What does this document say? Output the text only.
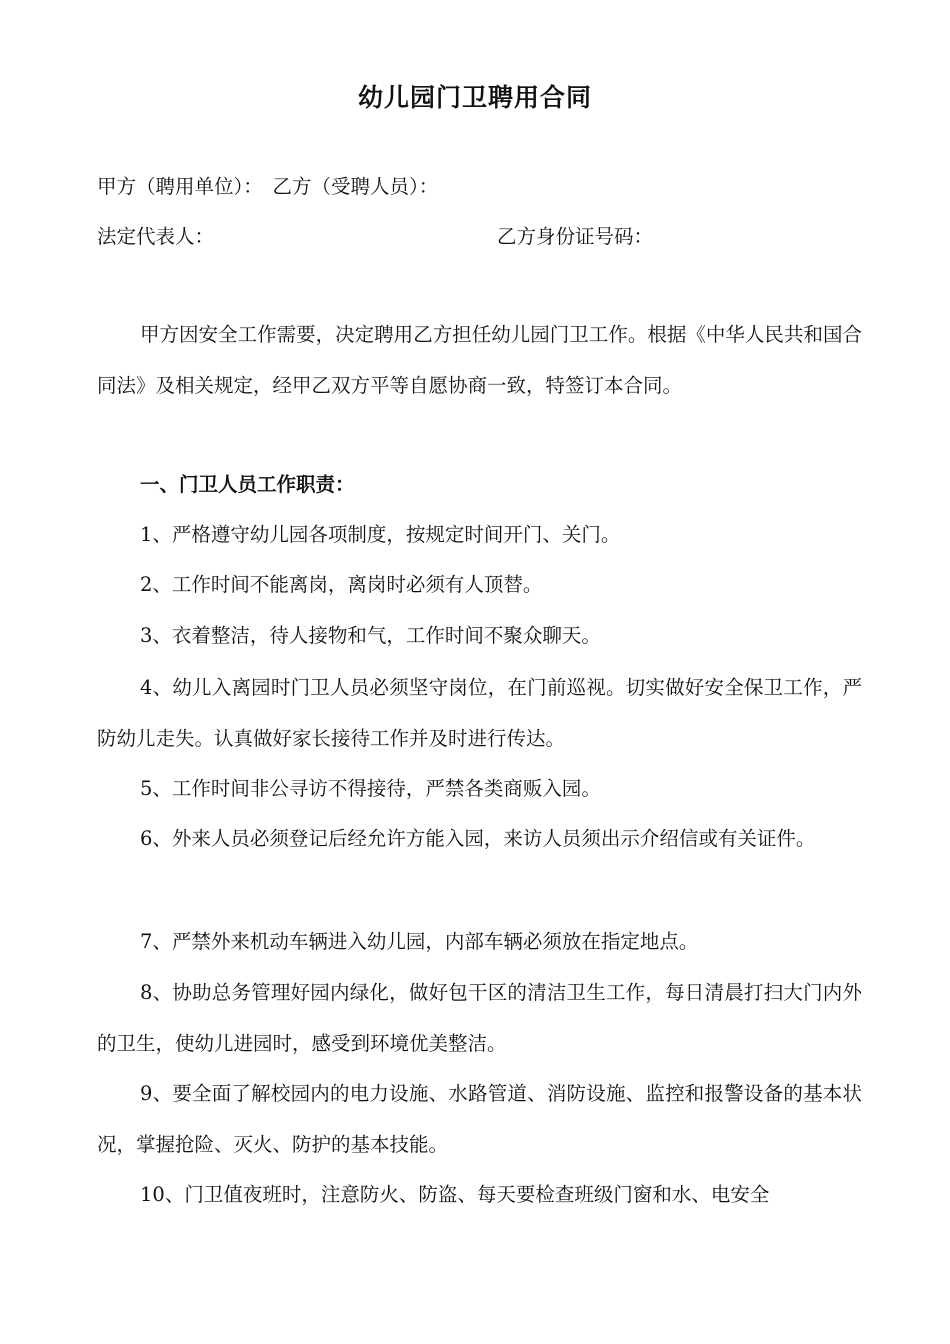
幼儿园门卫聘用合同
甲方（聘用单位）：　乙方（受聘人员）：
法定代表人：	乙方身份证号码：

甲方因安全工作需要，决定聘用乙方担任幼儿园门卫工作。根据《中华人民共和国合同法》及相关规定，经甲乙双方平等自愿协商一致，特签订本合同。

一、门卫人员工作职责：

1、严格遵守幼儿园各项制度，按规定时间开门、关门。

2、工作时间不能离岗，离岗时必须有人顶替。

3、衣着整洁，待人接物和气，工作时间不聚众聊天。

4、幼儿入离园时门卫人员必须坚守岗位，在门前巡视。切实做好安全保卫工作，严防幼儿走失。认真做好家长接待工作并及时进行传达。

5、工作时间非公寻访不得接待，严禁各类商贩入园。

6、外来人员必须登记后经允许方能入园，来访人员须出示介绍信或有关证件。

7、严禁外来机动车辆进入幼儿园，内部车辆必须放在指定地点。

8、协助总务管理好园内绿化，做好包干区的清洁卫生工作，每日清晨打扫大门内外的卫生，使幼儿进园时，感受到环境优美整洁。

9、要全面了解校园内的电力设施、水路管道、消防设施、监控和报警设备的基本状况，掌握抢险、灭火、防护的基本技能。

10、门卫值夜班时，注意防火、防盗、每天要检查班级门窗和水、电安全
